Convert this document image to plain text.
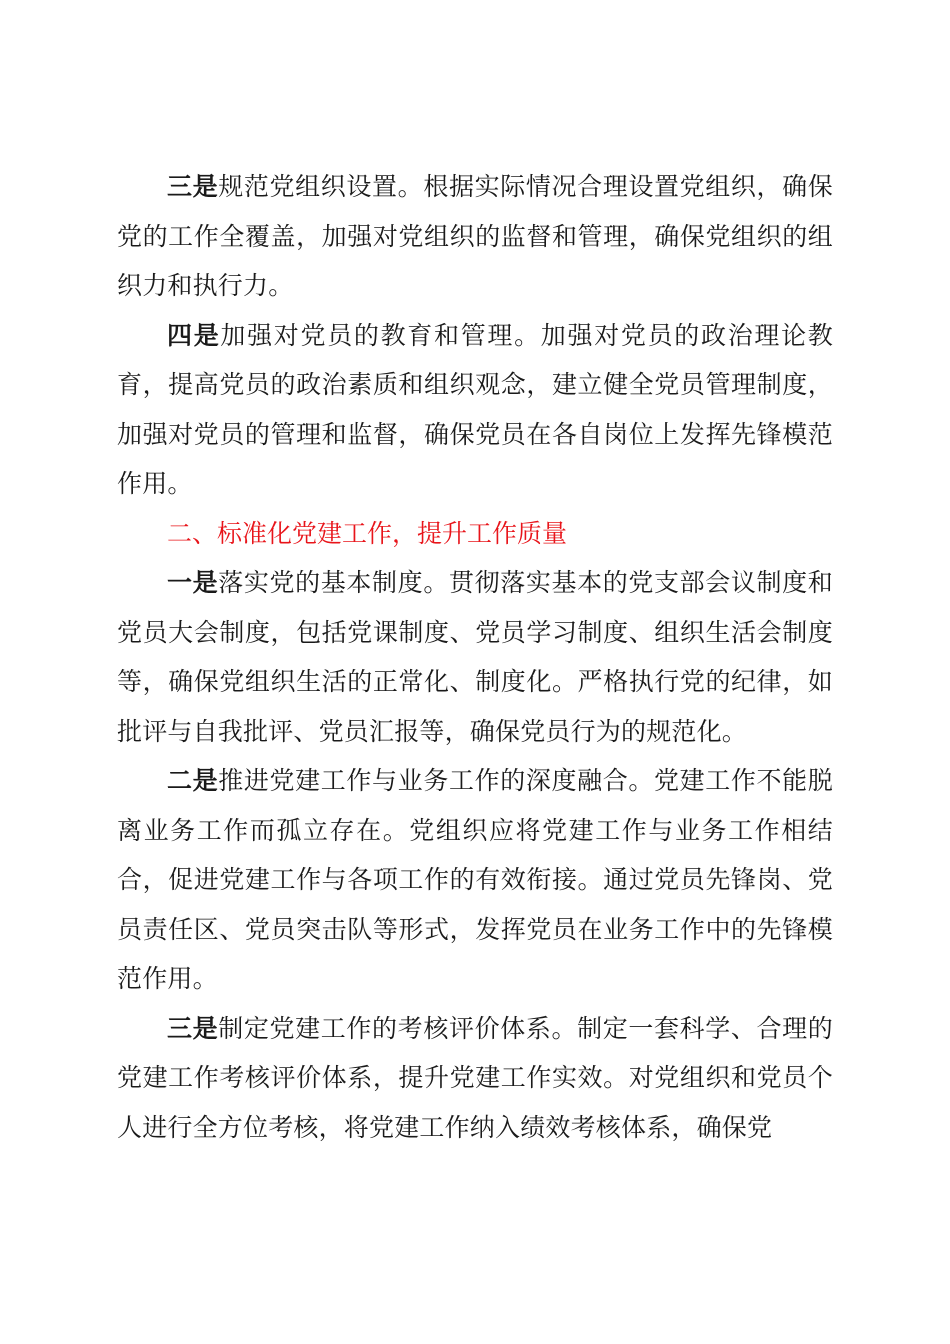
三是规范党组织设置。根据实际情况合理设置党组织，确保党的工作全覆盖，加强对党组织的监督和管理，确保党组织的组织力和执行力。

四是加强对党员的教育和管理。加强对党员的政治理论教育，提高党员的政治素质和组织观念，建立健全党员管理制度，加强对党员的管理和监督，确保党员在各自岗位上发挥先锋模范作用。

二、标准化党建工作，提升工作质量

一是落实党的基本制度。贯彻落实基本的党支部会议制度和党员大会制度，包括党课制度、党员学习制度、组织生活会制度等，确保党组织生活的正常化、制度化。严格执行党的纪律，如批评与自我批评、党员汇报等，确保党员行为的规范化。

二是推进党建工作与业务工作的深度融合。党建工作不能脱离业务工作而孤立存在。党组织应将党建工作与业务工作相结合，促进党建工作与各项工作的有效衔接。通过党员先锋岗、党员责任区、党员突击队等形式，发挥党员在业务工作中的先锋模范作用。

三是制定党建工作的考核评价体系。制定一套科学、合理的党建工作考核评价体系，提升党建工作实效。对党组织和党员个人进行全方位考核，将党建工作纳入绩效考核体系，确保党
